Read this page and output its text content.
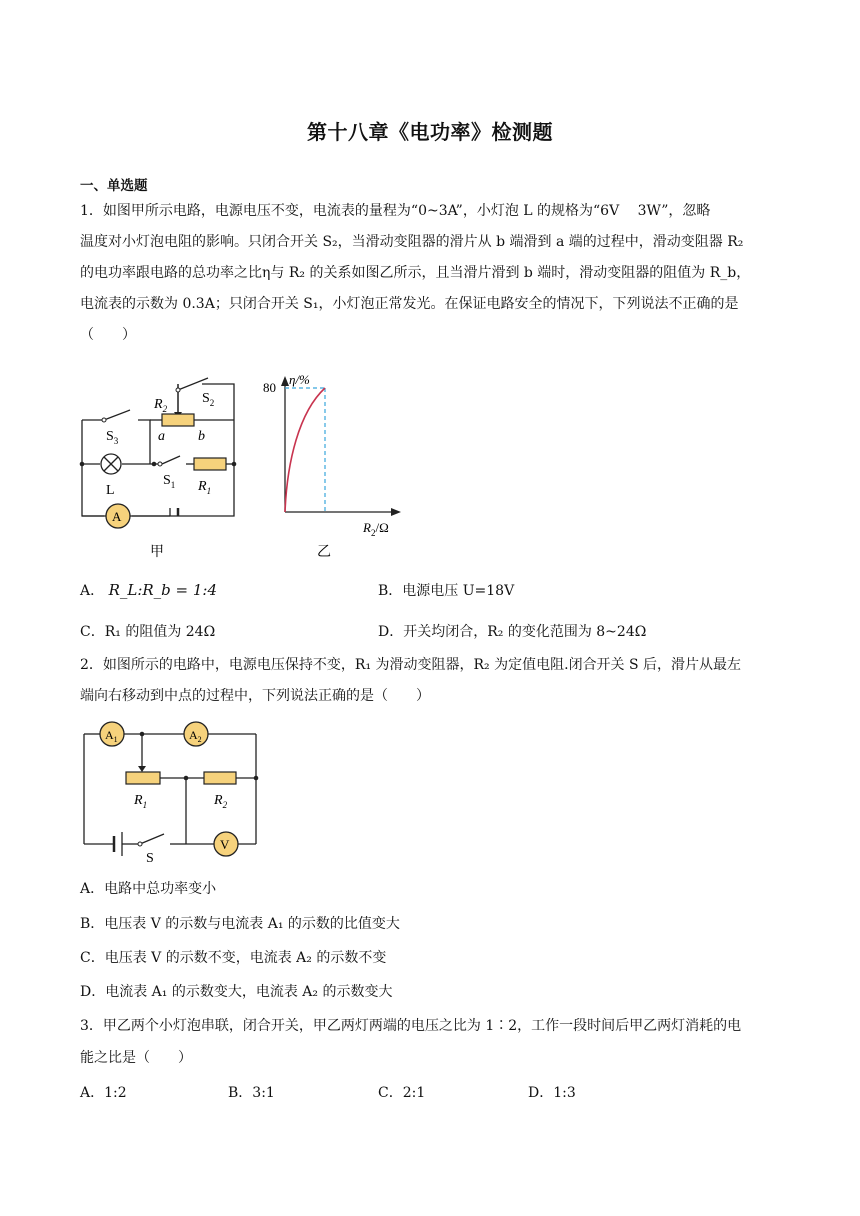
第十八章《电功率》检测题
一、单选题
1．如图甲所示电路，电源电压不变，电流表的量程为“0~3A”，小灯泡 L 的规格为“6V　 3W”，忽略
温度对小灯泡电阻的影响。只闭合开关 S₂，当滑动变阻器的滑片从 b 端滑到 a 端的过程中，滑动变阻器 R₂
的电功率跟电路的总功率之比η与 R₂ 的关系如图乙所示，且当滑片滑到 b 端时，滑动变阻器的阻值为 R_b，
电流表的示数为 0.3A；只闭合开关 S₁，小灯泡正常发光。在保证电路安全的情况下，下列说法不正确的是
（　　）
$R_2$
$S_2$
$S_3$	a b
L
$S_1$ $R_1$
A
甲
η/%
80
$R_2/\Omega$
乙
A． R_L:R_b = 1:4	B．电源电压 U=18V
C．R₁ 的阻值为 24Ω	D．开关均闭合，R₂ 的变化范围为 8~24Ω
2．如图所示的电路中，电源电压保持不变，R₁ 为滑动变阻器，R₂ 为定值电阻.闭合开关 S 后，滑片从最左
端向右移动到中点的过程中，下列说法正确的是（　　）
$A_1$	$A_2$
$R_1$	$R_2$
S
V
A．电路中总功率变小
B．电压表 V 的示数与电流表 A₁ 的示数的比值变大
C．电压表 V 的示数不变，电流表 A₂ 的示数不变
D．电流表 A₁ 的示数变大，电流表 A₂ 的示数变大
3．甲乙两个小灯泡串联，闭合开关，甲乙两灯两端的电压之比为 1∶2，工作一段时间后甲乙两灯消耗的电
能之比是（　　）
A．1:2	B．3:1	C．2:1	D．1:3
